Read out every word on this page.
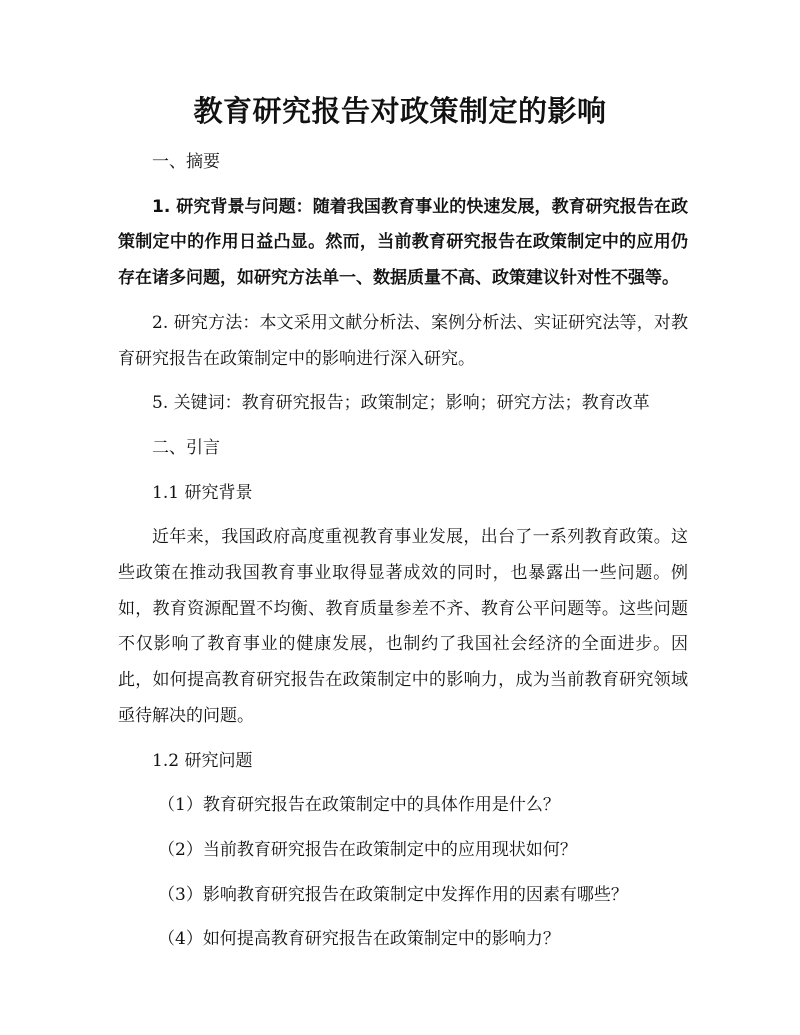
教育研究报告对政策制定的影响
一、摘要

1. 研究背景与问题：随着我国教育事业的快速发展，教育研究报告在政策制定中的作用日益凸显。然而，当前教育研究报告在政策制定中的应用仍存在诸多问题，如研究方法单一、数据质量不高、政策建议针对性不强等。

2. 研究方法：本文采用文献分析法、案例分析法、实证研究法等，对教育研究报告在政策制定中的影响进行深入研究。

5. 关键词：教育研究报告；政策制定；影响；研究方法；教育改革

二、引言
1.1 研究背景

近年来，我国政府高度重视教育事业发展，出台了一系列教育政策。这些政策在推动我国教育事业取得显著成效的同时，也暴露出一些问题。例如，教育资源配置不均衡、教育质量参差不齐、教育公平问题等。这些问题不仅影响了教育事业的健康发展，也制约了我国社会经济的全面进步。因此，如何提高教育研究报告在政策制定中的影响力，成为当前教育研究领域亟待解决的问题。

1.2 研究问题
（1）教育研究报告在政策制定中的具体作用是什么？
（2）当前教育研究报告在政策制定中的应用现状如何？
（3）影响教育研究报告在政策制定中发挥作用的因素有哪些？
（4）如何提高教育研究报告在政策制定中的影响力？
